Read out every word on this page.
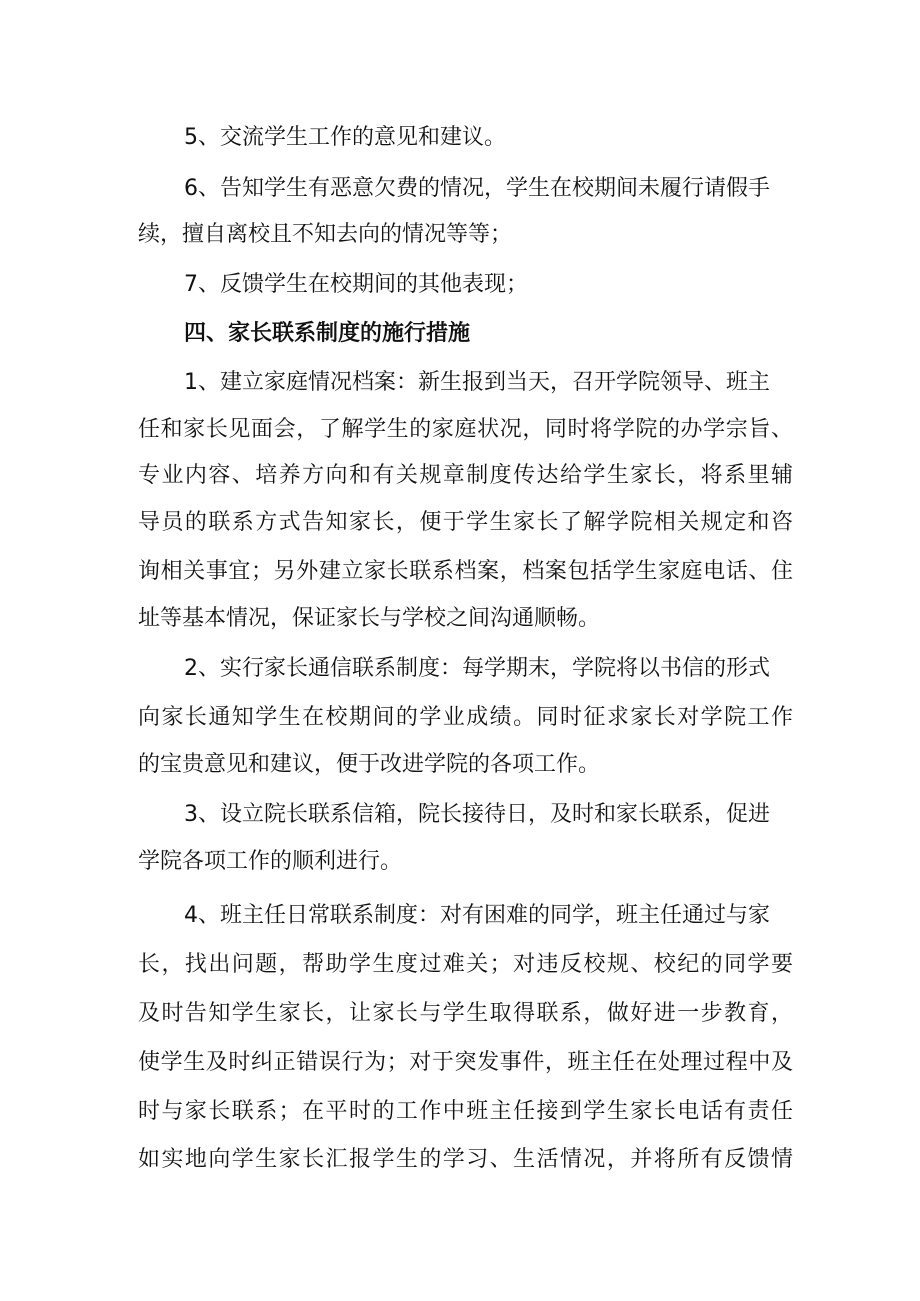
5、交流学生工作的意见和建议。
6、告知学生有恶意欠费的情况，学生在校期间未履行请假手
续，擅自离校且不知去向的情况等等；
7、反馈学生在校期间的其他表现；
四、家长联系制度的施行措施
1、建立家庭情况档案：新生报到当天，召开学院领导、班主
任和家长见面会，了解学生的家庭状况，同时将学院的办学宗旨、
专业内容、培养方向和有关规章制度传达给学生家长，将系里辅
导员的联系方式告知家长，便于学生家长了解学院相关规定和咨
询相关事宜；另外建立家长联系档案，档案包括学生家庭电话、住
址等基本情况，保证家长与学校之间沟通顺畅。
2、实行家长通信联系制度：每学期末，学院将以书信的形式
向家长通知学生在校期间的学业成绩。同时征求家长对学院工作
的宝贵意见和建议，便于改进学院的各项工作。
3、设立院长联系信箱，院长接待日，及时和家长联系，促进
学院各项工作的顺利进行。
4、班主任日常联系制度：对有困难的同学，班主任通过与家
长，找出问题，帮助学生度过难关；对违反校规、校纪的同学要
及时告知学生家长，让家长与学生取得联系，做好进一步教育，
使学生及时纠正错误行为；对于突发事件，班主任在处理过程中及
时与家长联系；在平时的工作中班主任接到学生家长电话有责任
如实地向学生家长汇报学生的学习、生活情况，并将所有反馈情
